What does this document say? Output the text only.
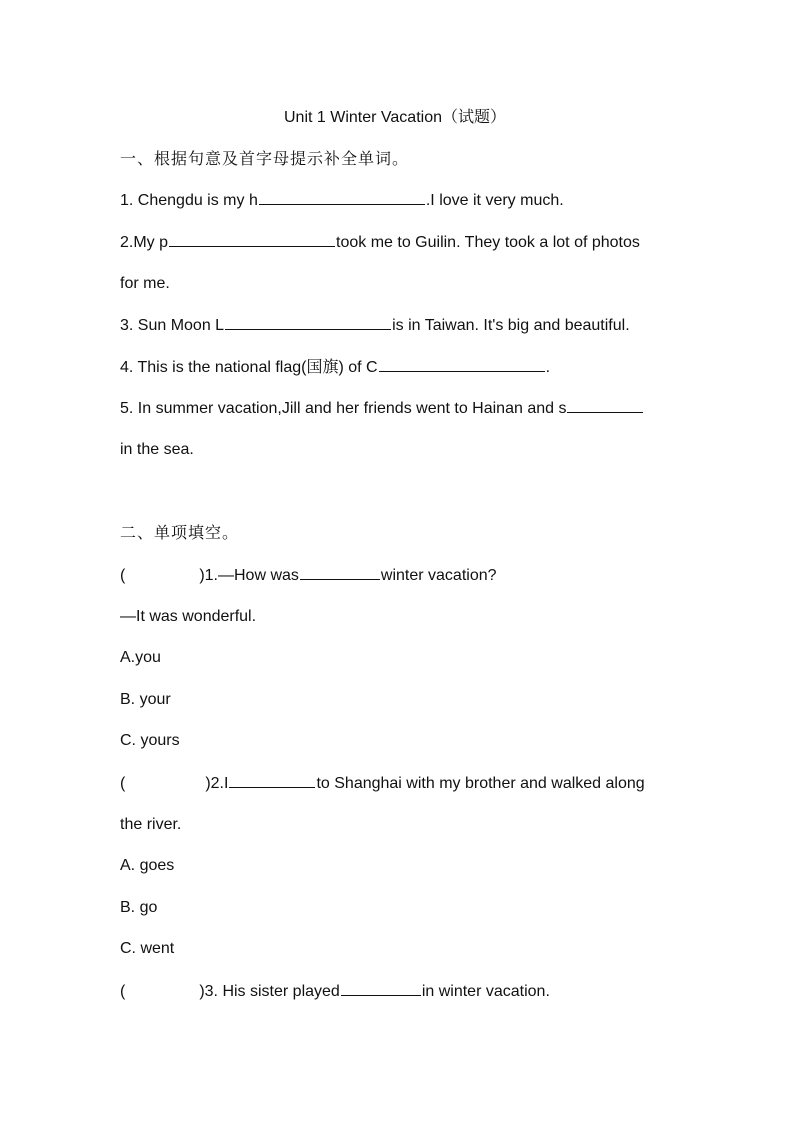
Unit 1 Winter Vacation（试题）
一、根据句意及首字母提示补全单词。
1. Chengdu is my h	.I love it very much.
2.My p	took me to Guilin. They took a lot of photos
for me.
3. Sun Moon L	is in Taiwan. It's big and beautiful.
4. This is the national flag(国旗) of C	.
5. In summer vacation,Jill and her friends went to Hainan and s
in the sea.
二、单项填空。
(	)1.—How was	winter vacation?
—It was wonderful.
A.you
B. your
C. yours
(	)2.I	to Shanghai with my brother and walked along
the river.
A. goes
B. go
C. went
(	)3. His sister played	in winter vacation.
